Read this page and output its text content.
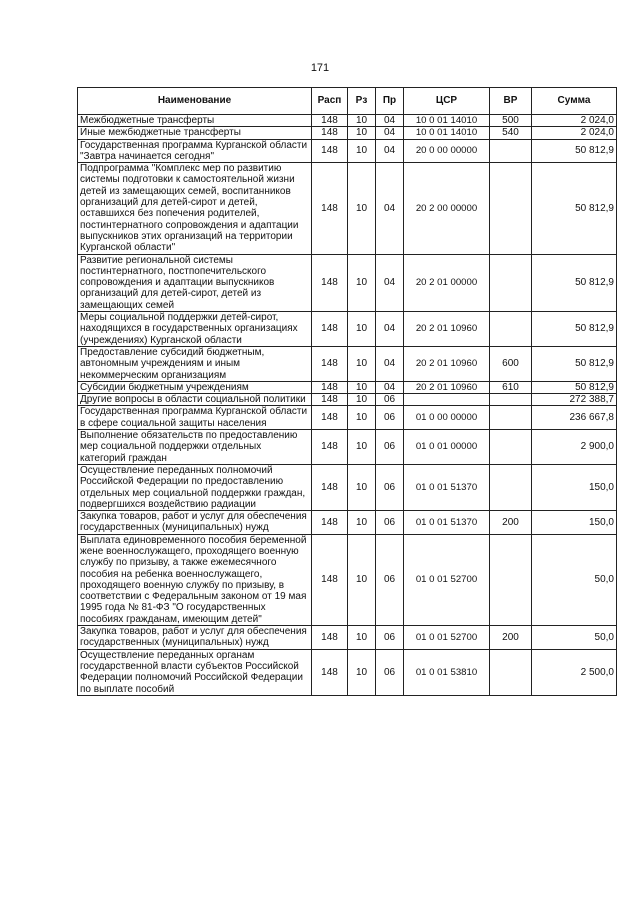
171
Наименование	Расп	Рз	Пр	ЦСР	ВР	Сумма
Межбюджетные трансферты	148	10	04	10 0 01 14010	500	2 024,0
Иные межбюджетные трансферты	148	10	04	10 0 01 14010	540	2 024,0
Государственная программа Курганской области "Завтра начинается сегодня"	148	10	04	20 0 00 00000		50 812,9
Подпрограмма "Комплекс мер по развитию системы подготовки к самостоятельной жизни детей из замещающих семей, воспитанников организаций для детей-сирот и детей, оставшихся без попечения родителей, постинтернатного сопровождения и адаптации выпускников этих организаций на территории Курганской области"	148	10	04	20 2 00 00000		50 812,9
Развитие региональной системы постинтернатного, постпопечительского сопровождения и адаптации выпускников организаций для детей-сирот, детей из замещающих семей	148	10	04	20 2 01 00000		50 812,9
Меры социальной поддержки детей-сирот, находящихся в государственных организациях (учреждениях) Курганской области	148	10	04	20 2 01 10960		50 812,9
Предоставление субсидий бюджетным, автономным учреждениям и иным некоммерческим организациям	148	10	04	20 2 01 10960	600	50 812,9
Субсидии бюджетным учреждениям	148	10	04	20 2 01 10960	610	50 812,9
Другие вопросы в области социальной политики	148	10	06			272 388,7
Государственная программа Курганской области в сфере социальной защиты населения	148	10	06	01 0 00 00000		236 667,8
Выполнение обязательств по предоставлению мер социальной поддержки отдельных категорий граждан	148	10	06	01 0 01 00000		2 900,0
Осуществление переданных полномочий Российской Федерации по предоставлению отдельных мер социальной поддержки граждан, подвергшихся воздействию радиации	148	10	06	01 0 01 51370		150,0
Закупка товаров, работ и услуг для обеспечения государственных (муниципальных) нужд	148	10	06	01 0 01 51370	200	150,0
Выплата единовременного пособия беременной жене военнослужащего, проходящего военную службу по призыву, а также ежемесячного пособия на ребенка военнослужащего, проходящего военную службу по призыву, в соответствии с Федеральным законом от 19 мая 1995 года № 81-ФЗ "О государственных пособиях гражданам, имеющим детей"	148	10	06	01 0 01 52700		50,0
Закупка товаров, работ и услуг для обеспечения государственных (муниципальных) нужд	148	10	06	01 0 01 52700	200	50,0
Осуществление переданных органам государственной власти субъектов Российской Федерации полномочий Российской Федерации по выплате пособий	148	10	06	01 0 01 53810		2 500,0
